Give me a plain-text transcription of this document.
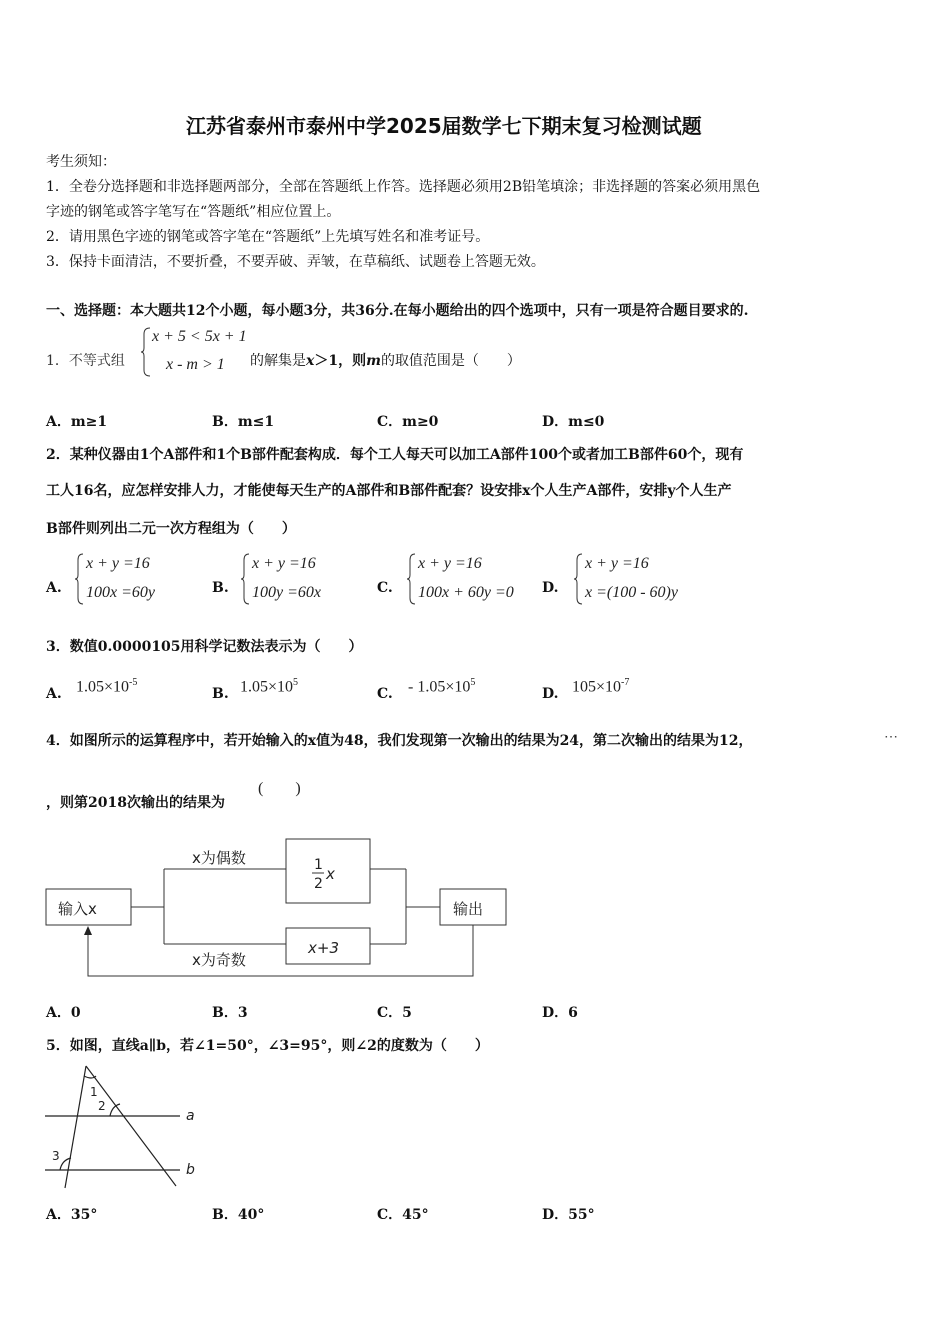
江苏省泰州市泰州中学2025届数学七下期末复习检测试题
考生须知：
1．全卷分选择题和非选择题两部分，全部在答题纸上作答。选择题必须用2B铅笔填涂；非选择题的答案必须用黑色
字迹的钢笔或答字笔写在“答题纸”相应位置上。
2．请用黑色字迹的钢笔或答字笔在“答题纸”上先填写姓名和准考证号。
3．保持卡面清洁，不要折叠，不要弄破、弄皱，在草稿纸、试题卷上答题无效。
一、选择题：本大题共12个小题，每小题3分，共36分.在每小题给出的四个选项中，只有一项是符合题目要求的.
1．不等式组
x + 5 < 5x + 1
x - m > 1 的解集是x＞1，则m的取值范围是（　　）
A．m≥1	B．m≤1	C．m≥0	D．m≤0
2．某种仪器由1个A部件和1个B部件配套构成．每个工人每天可以加工A部件100个或者加工B部件60个，现有
工人16名，应怎样安排人力，才能使每天生产的A部件和B部件配套？设安排x个人生产A部件，安排y个人生产
B部件则列出二元一次方程组为（　　）
A.
x + y =16
100x =60y	B.
x + y =16
100y =60x	C.
x + y =16
100x + 60y =0 D.
x + y =16
x =(100 - 60)y
3．数值0.0000105用科学记数法表示为（　　）
A. $1.05\times 10^{-5}$
B. $1.05\times 10^5$
C. - $1.05\times 10^5$
D. $105\times 10^{-7}$
4．如图所示的运算程序中，若开始输入的x值为48，我们发现第一次输出的结果为24，第二次输出的结果为12，	⋯
，则第2018次输出的结果为
(　　)
输入x
x为偶数
x为奇数
1
2
x
x+3
输出
A．0	B．3	C．5	D．6
5．如图，直线a∥b，若∠1=50°，∠3=95°，则∠2的度数为（　　）
a
b
1
2
3
A．35°	B．40°	C．45°	D．55°
